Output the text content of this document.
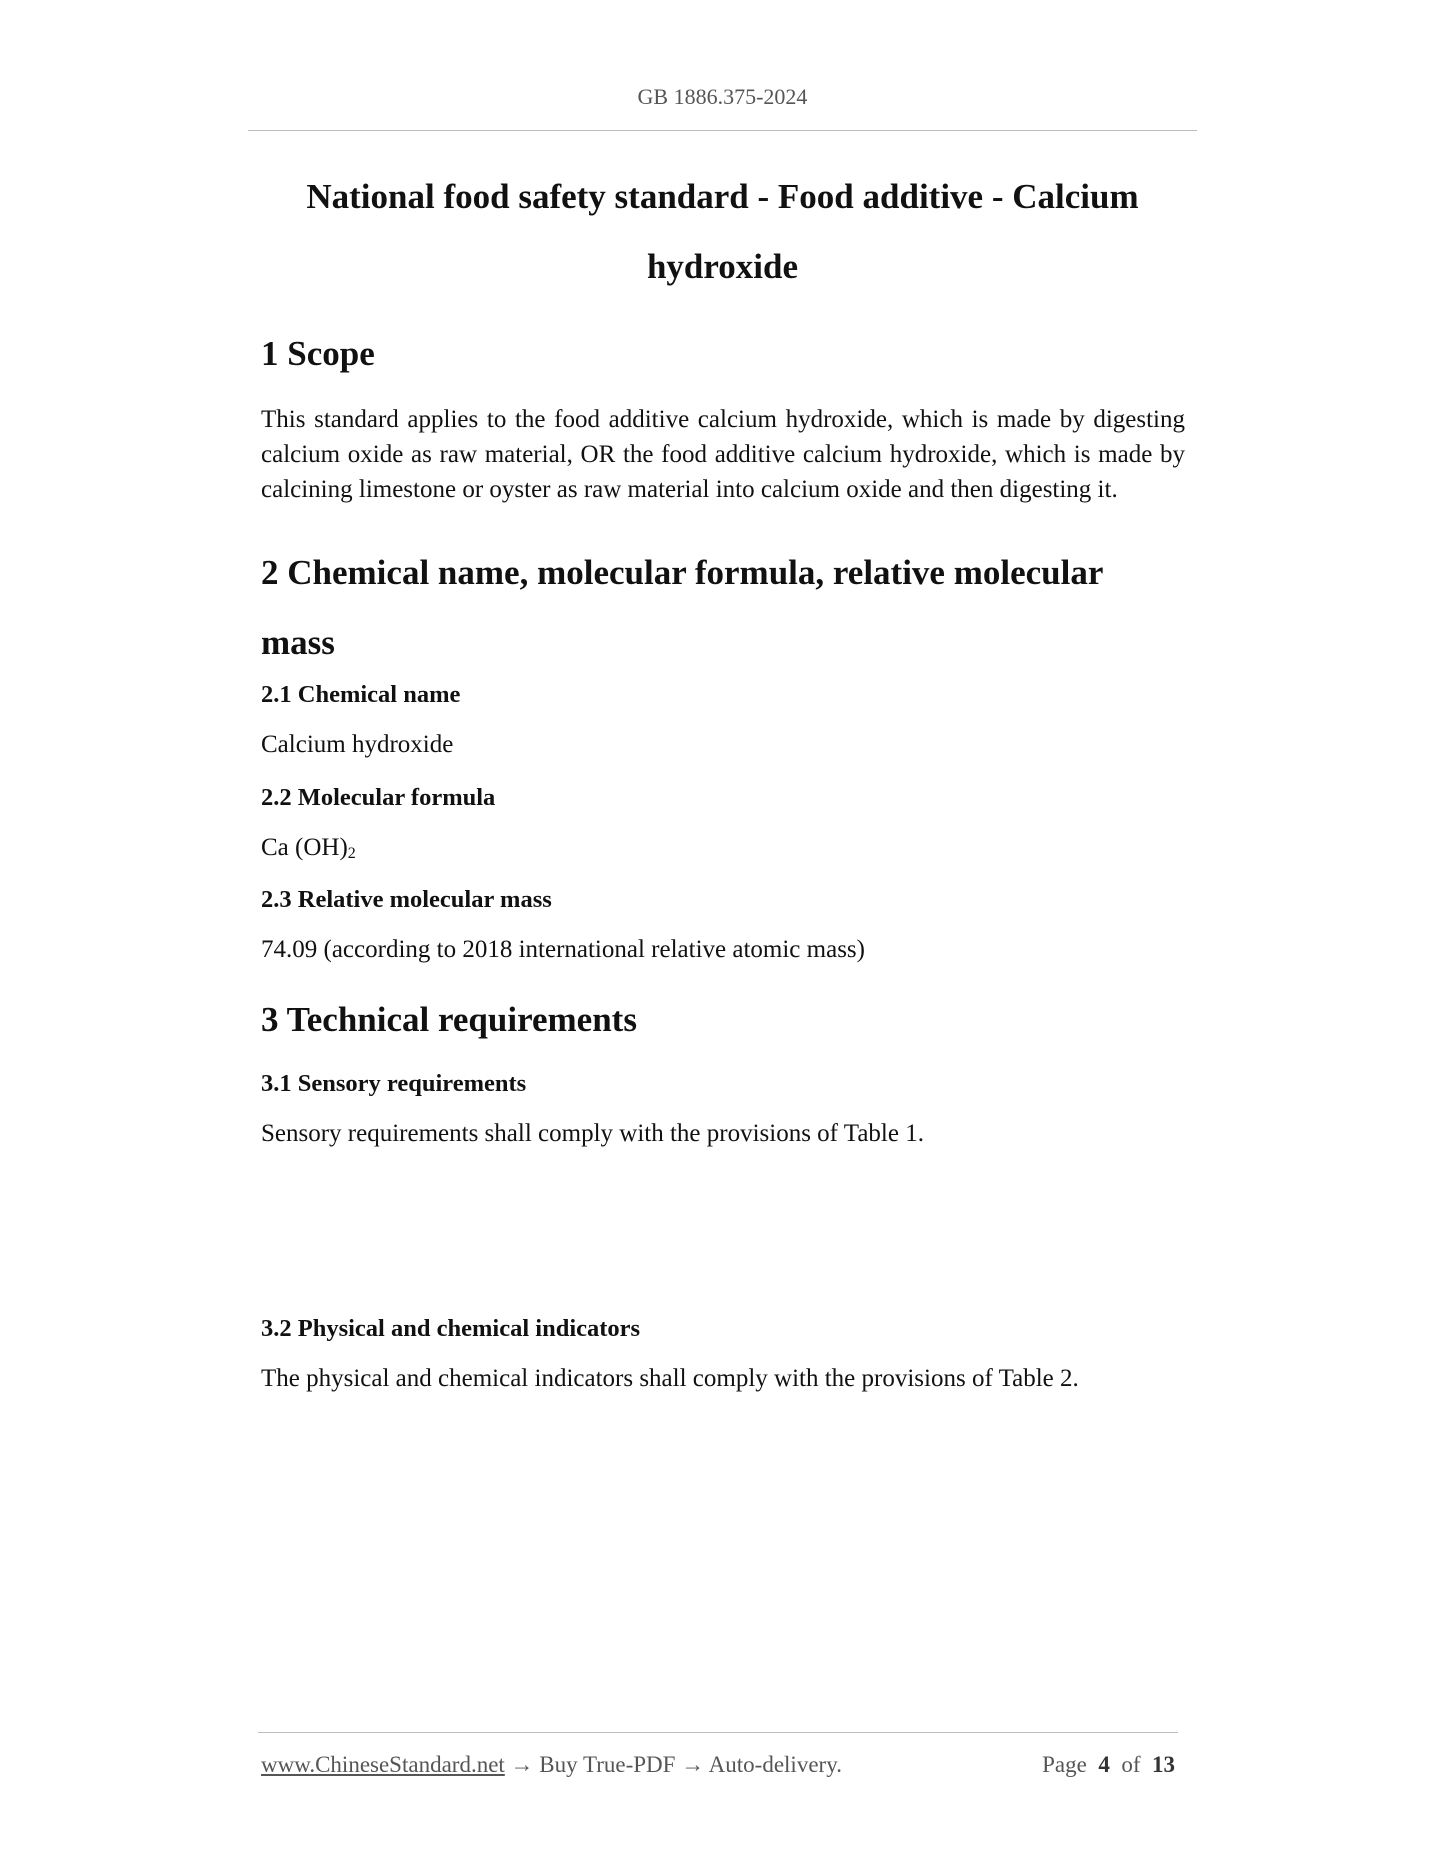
GB 1886.375-2024
National food safety standard - Food additive - Calcium hydroxide
1 Scope

This standard applies to the food additive calcium hydroxide, which is made by digesting calcium oxide as raw material, OR the food additive calcium hydroxide, which is made by calcining limestone or oyster as raw material into calcium oxide and then digesting it.

2 Chemical name, molecular formula, relative molecular mass
2.1 Chemical name

Calcium hydroxide

2.2 Molecular formula

Ca $(OH)_2$

2.3 Relative molecular mass

74.09 (according to 2018 international relative atomic mass)

3 Technical requirements
3.1 Sensory requirements

Sensory requirements shall comply with the provisions of Table 1.

3.2 Physical and chemical indicators

The physical and chemical indicators shall comply with the provisions of Table 2.

www.ChineseStandard.net → Buy True-PDF → Auto-delivery.	Page 4 of 13
